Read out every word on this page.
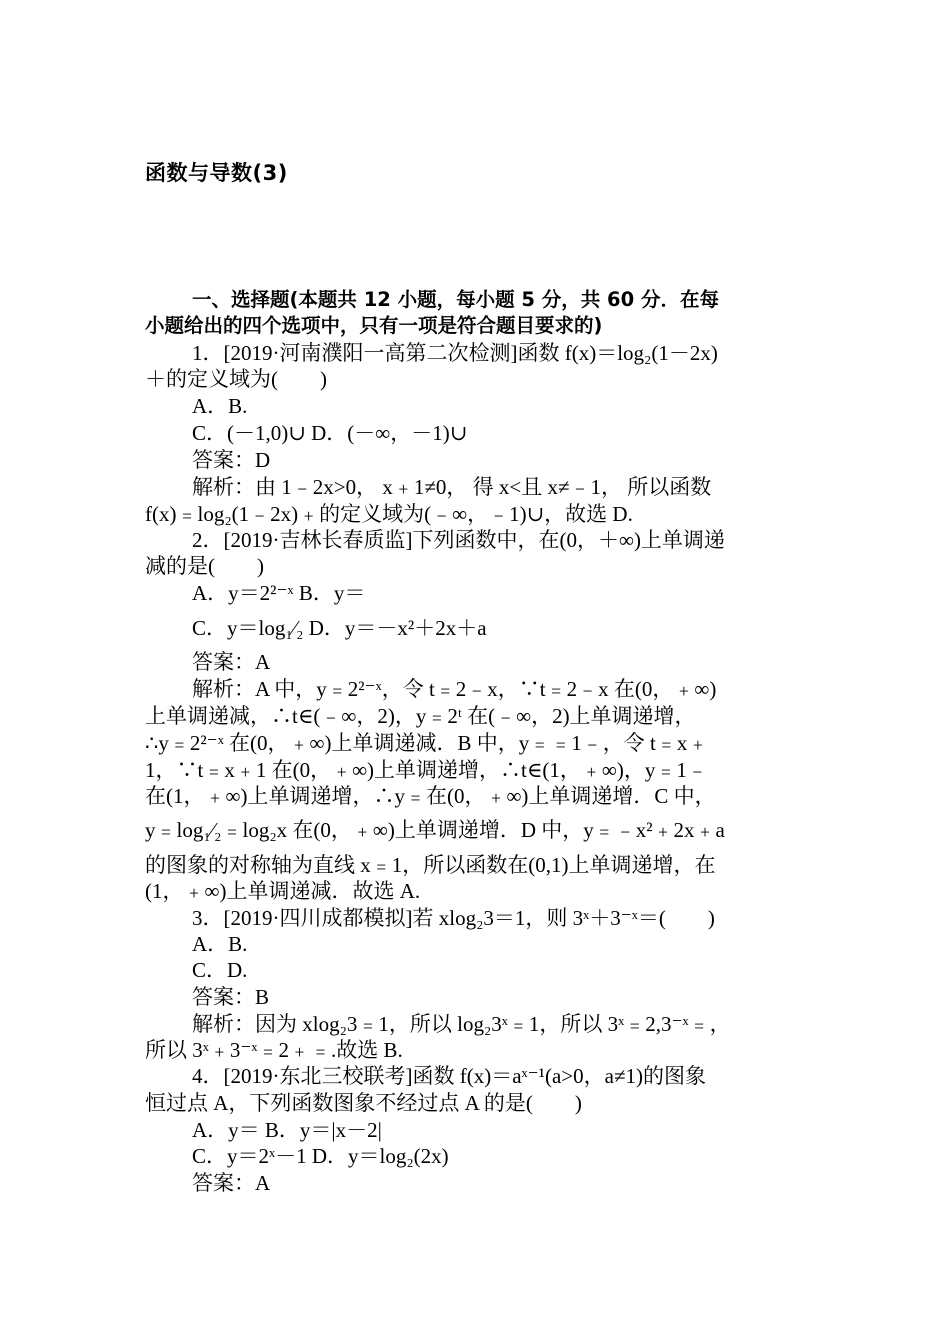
函数与导数(3)
一、选择题(本题共 12 小题，每小题 5 分，共 60 分．在每
小题给出的四个选项中，只有一项是符合题目要求的)
1．[2019·河南濮阳一高第二次检测]函数 f(x)＝log₂(1－2x)
＋的定义域为(　　)
A．B.
C．(－1,0)∪ D．(－∞，－1)∪
答案：D
解析：由 1﹣2x>0， x﹢1≠0， 得 x<且 x≠﹣1， 所以函数
f(x)﹦log₂(1﹣2x)﹢的定义域为(﹣∞，﹣1)∪，故选 D.
2．[2019·吉林长春质监]下列函数中，在(0，＋∞)上单调递
减的是(　　)
A．y＝2²⁻ˣ B．y＝
C．y＝log₁⁄₂ D．y＝－x²＋2x＋a
答案：A
解析：A 中，y﹦2²⁻ˣ，令 t﹦2﹣x，∵t﹦2﹣x 在(0，﹢∞)
上单调递减，∴t∈(﹣∞，2)，y﹦2ᵗ 在(﹣∞，2)上单调递增，
∴y﹦2²⁻ˣ 在(0，﹢∞)上单调递减．B 中，y﹦﹦1﹣，令 t﹦x﹢
1，∵t﹦x﹢1 在(0，﹢∞)上单调递增，∴t∈(1，﹢∞)，y﹦1﹣
在(1，﹢∞)上单调递增，∴y﹦在(0，﹢∞)上单调递增．C 中，
y﹦log₁⁄₂﹦log₂x 在(0，﹢∞)上单调递增．D 中，y﹦﹣x²﹢2x﹢a
的图象的对称轴为直线 x﹦1，所以函数在(0,1)上单调递增，在
(1，﹢∞)上单调递减．故选 A.
3．[2019·四川成都模拟]若 xlog₂3＝1，则 3ˣ＋3⁻ˣ＝(　　)
A．B.
C．D.
答案：B
解析：因为 xlog₂3﹦1，所以 log₂3ˣ﹦1，所以 3ˣ﹦2,3⁻ˣ﹦，
所以 3ˣ﹢3⁻ˣ﹦2﹢﹦.故选 B.
4．[2019·东北三校联考]函数 f(x)＝aˣ⁻¹(a>0，a≠1)的图象
恒过点 A，下列函数图象不经过点 A 的是(　　)
A．y＝ B．y＝|x－2|
C．y＝2ˣ－1 D．y＝log₂(2x)
答案：A
